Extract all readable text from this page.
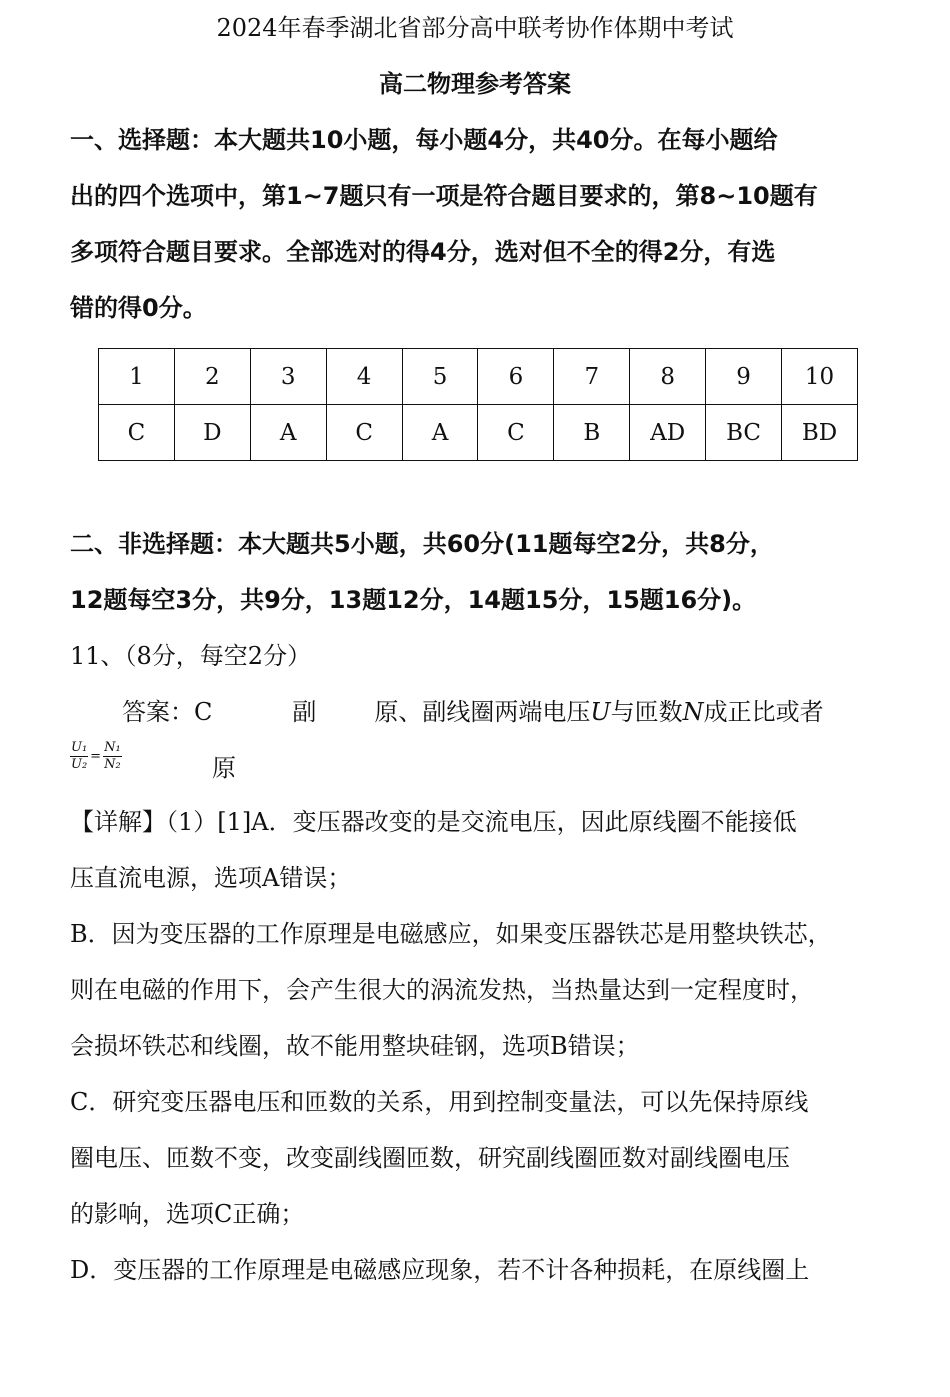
2024年春季湖北省部分高中联考协作体期中考试
高二物理参考答案
一、选择题：本大题共10小题，每小题4分，共40分。在每小题给
出的四个选项中，第1~7题只有一项是符合题目要求的，第8~10题有
多项符合题目要求。全部选对的得4分，选对但不全的得2分，有选
错的得0分。
1	2	3	4	5	6	7	8	9	10
C	D	A	C	A	C	B	AD	BC	BD
二、非选择题：本大题共5小题，共60分(11题每空2分，共8分，
12题每空3分，共9分，13题12分，14题15分，15题16分)。
11、（8分，每空2分）
答案：C	副 原、副线圈两端电压U与匝数N成正比或者
$\frac{\text{U₁}}{\text{U₂}} = \frac{\text{N₁}}{\text{N₂}}$	原
【详解】（1）[1]A．变压器改变的是交流电压，因此原线圈不能接低
压直流电源，选项A错误；
B．因为变压器的工作原理是电磁感应，如果变压器铁芯是用整块铁芯，
则在电磁的作用下，会产生很大的涡流发热，当热量达到一定程度时，
会损坏铁芯和线圈，故不能用整块硅钢，选项B错误；
C．研究变压器电压和匝数的关系，用到控制变量法，可以先保持原线
圈电压、匝数不变，改变副线圈匝数，研究副线圈匝数对副线圈电压
的影响，选项C正确；
D．变压器的工作原理是电磁感应现象，若不计各种损耗，在原线圈上
